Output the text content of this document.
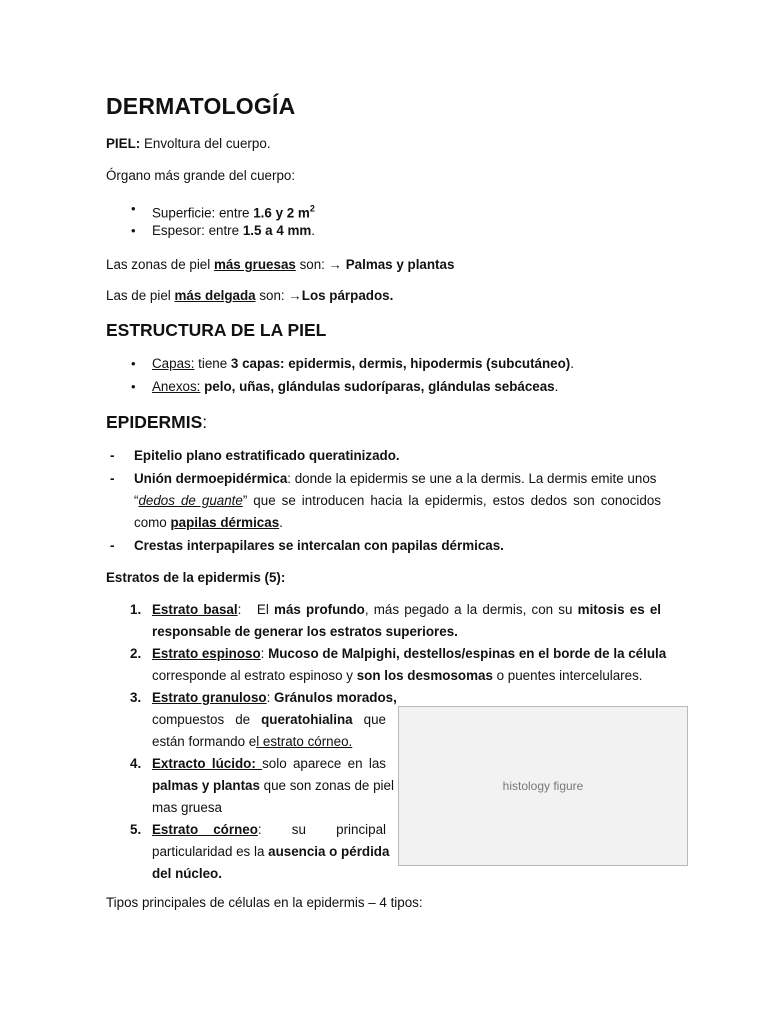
DERMATOLOGÍA
PIEL: Envoltura del cuerpo.
Órgano más grande del cuerpo:
• Superficie: entre 1.6 y 2 $m^2$
• Espesor: entre 1.5 a 4 mm.
Las zonas de piel más gruesas son: → Palmas y plantas
Las de piel más delgada son: →Los párpados.
ESTRUCTURA DE LA PIEL
• Capas: tiene 3 capas: epidermis, dermis, hipodermis (subcutáneo).
• Anexos: pelo, uñas, glándulas sudoríparas, glándulas sebáceas.
EPIDERMIS:
- Epitelio plano estratificado queratinizado.
- Unión dermoepidérmica: donde la epidermis se une a la dermis. La dermis emite unos
“dedos de guante” que se introducen hacia la epidermis, estos dedos son conocidos
como papilas dérmicas.
- Crestas interpapilares se intercalan con papilas dérmicas.
Estratos de la epidermis (5):
1. Estrato basal:   El más profundo, más pegado a la dermis, con su mitosis es el
responsable de generar los estratos superiores.
2. Estrato espinoso: Mucoso de Malpighi, destellos/espinas en el borde de la célula
corresponde al estrato espinoso y son los desmosomas o puentes intercelulares.
3. Estrato granuloso: Gránulos morados,
compuestos de queratohialina que
están formando el estrato córneo.
4. Extracto lúcido: solo aparece en las
palmas y plantas que son zonas de piel
mas gruesa
5. Estrato córneo:  su  principal
particularidad es la ausencia o pérdida
del núcleo.
histology figure
Tipos principales de células en la epidermis – 4 tipos:
